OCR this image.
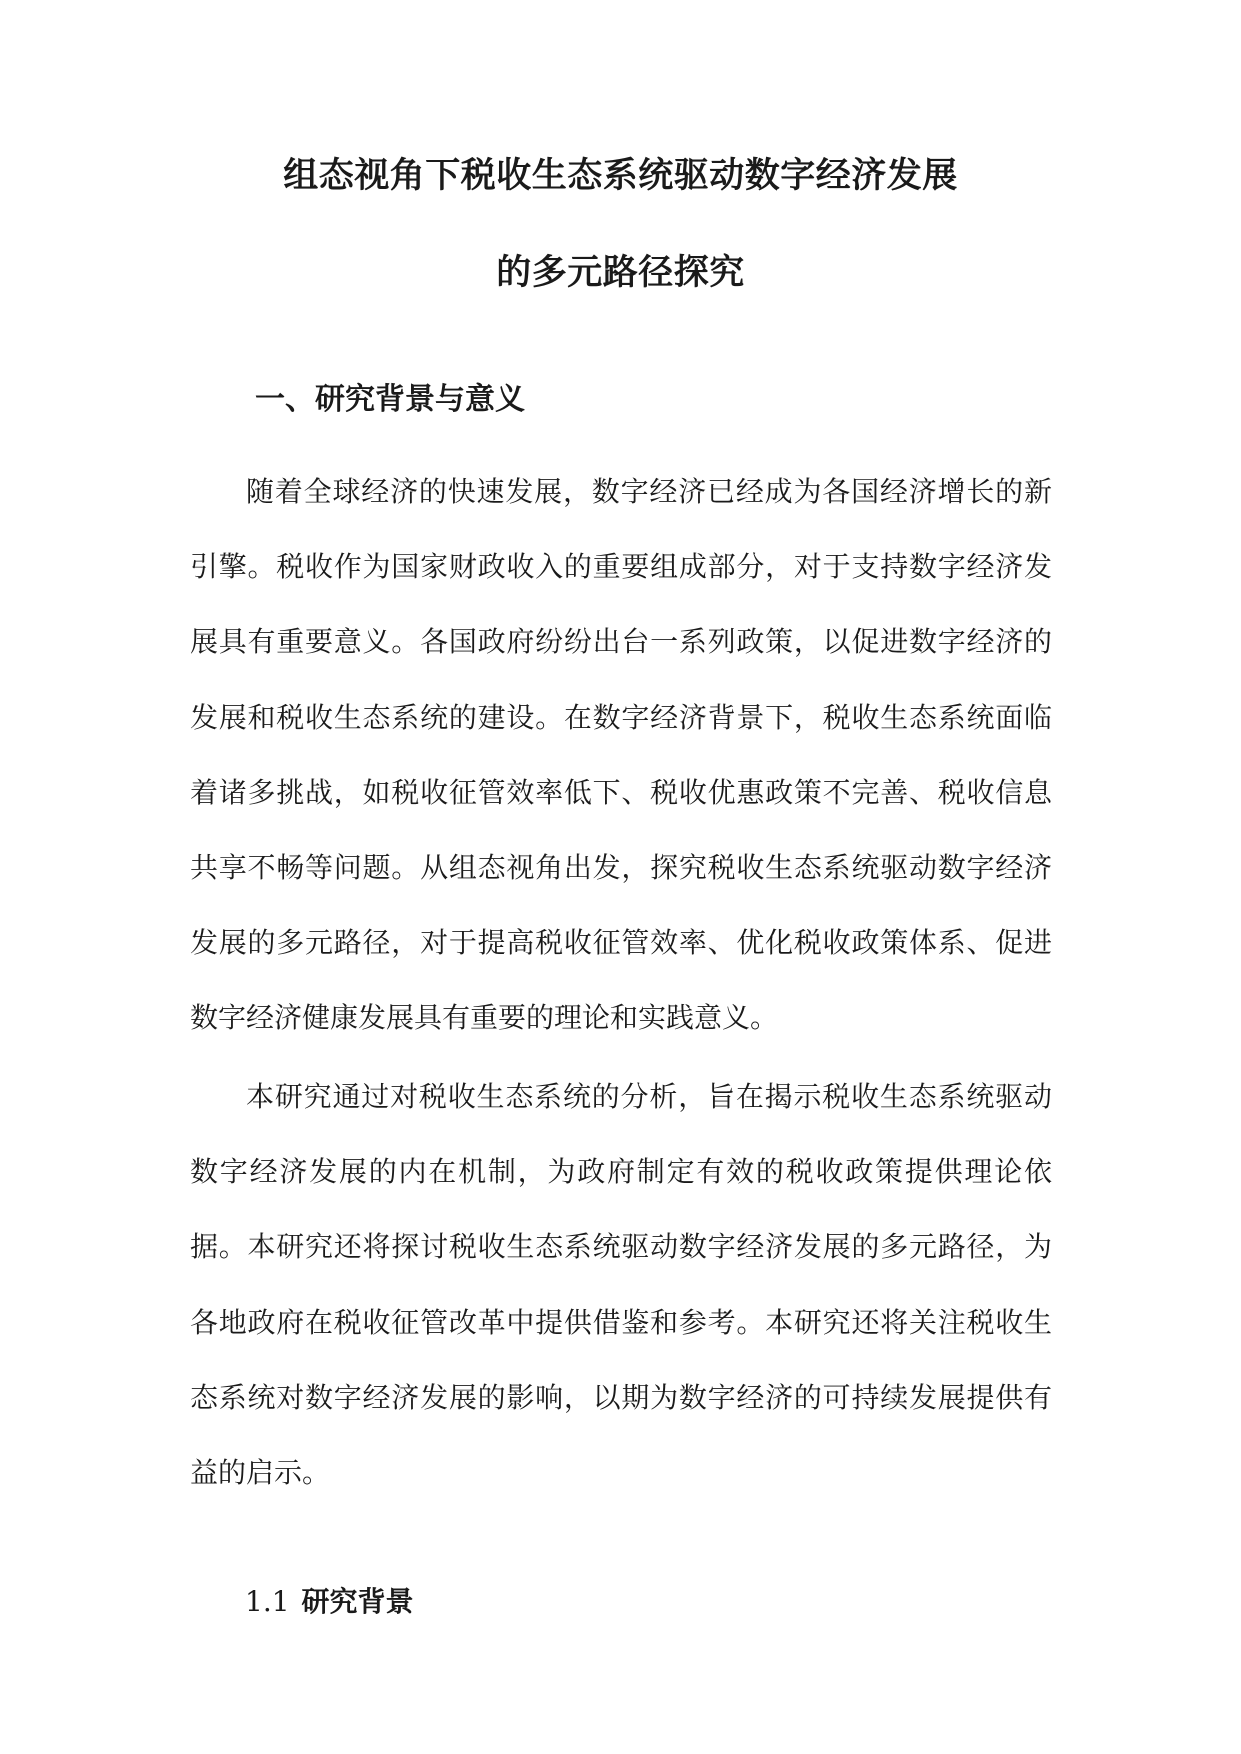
组态视角下税收生态系统驱动数字经济发展
的多元路径探究
一、研究背景与意义

随着全球经济的快速发展，数字经济已经成为各国经济增长的新引擎。税收作为国家财政收入的重要组成部分，对于支持数字经济发展具有重要意义。各国政府纷纷出台一系列政策，以促进数字经济的发展和税收生态系统的建设。在数字经济背景下，税收生态系统面临着诸多挑战，如税收征管效率低下、税收优惠政策不完善、税收信息共享不畅等问题。从组态视角出发，探究税收生态系统驱动数字经济发展的多元路径，对于提高税收征管效率、优化税收政策体系、促进数字经济健康发展具有重要的理论和实践意义。

本研究通过对税收生态系统的分析，旨在揭示税收生态系统驱动数字经济发展的内在机制，为政府制定有效的税收政策提供理论依据。本研究还将探讨税收生态系统驱动数字经济发展的多元路径，为各地政府在税收征管改革中提供借鉴和参考。本研究还将关注税收生态系统对数字经济发展的影响，以期为数字经济的可持续发展提供有益的启示。

1.1 研究背景
